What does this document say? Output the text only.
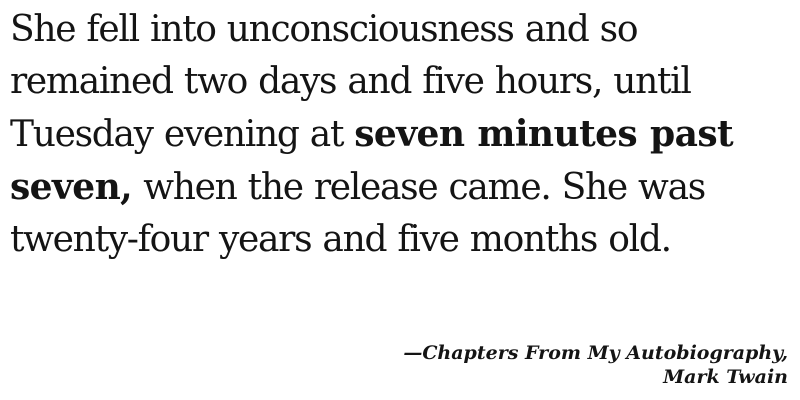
She fell into unconsciousness and so
remained two days and five hours, until
Tuesday evening at seven minutes past
seven, when the release came. She was
twenty-four years and five months old.
—Chapters From My Autobiography,
Mark Twain
